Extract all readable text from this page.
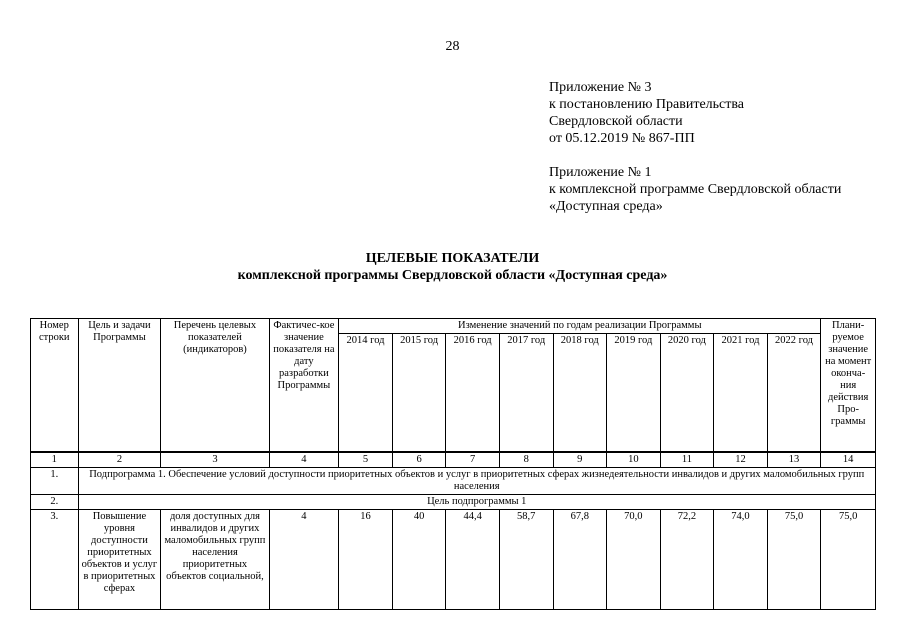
28
Приложение № 3
к постановлению Правительства
Свердловской области
от 05.12.2019 № 867-ПП
Приложение № 1
к комплексной программе Свердловской области
«Доступная среда»
ЦЕЛЕВЫЕ ПОКАЗАТЕЛИ
комплексной программы Свердловской области «Доступная среда»
Номер строки	Цель и задачи Программы	Перечень целевых показателей (индикаторов)	Фактичес-кое значение показателя на дату разработки Программы	Изменение значений по годам реализации Программы									Плани-руемое значение на момент оконча-ния действия Про-граммы
				2014 год	2015 год	2016 год	2017 год	2018 год	2019 год	2020 год	2021 год	2022 год	
1	2	3	4	5	6	7	8	9	10	11	12	13	14
1.	Подпрограмма 1. Обеспечение условий доступности приоритетных объектов и услуг в приоритетных сферах жизнедеятельности инвалидов и других маломобильных групп населения												
2.	Цель подпрограммы 1												
3.	Повышение уровня доступности приоритетных объектов и услуг в приоритетных сферах	доля доступных для инвалидов и других маломобильных групп населения приоритетных объектов социальной,	4	16	40	44,4	58,7	67,8	70,0	72,2	74,0	75,0	75,0
